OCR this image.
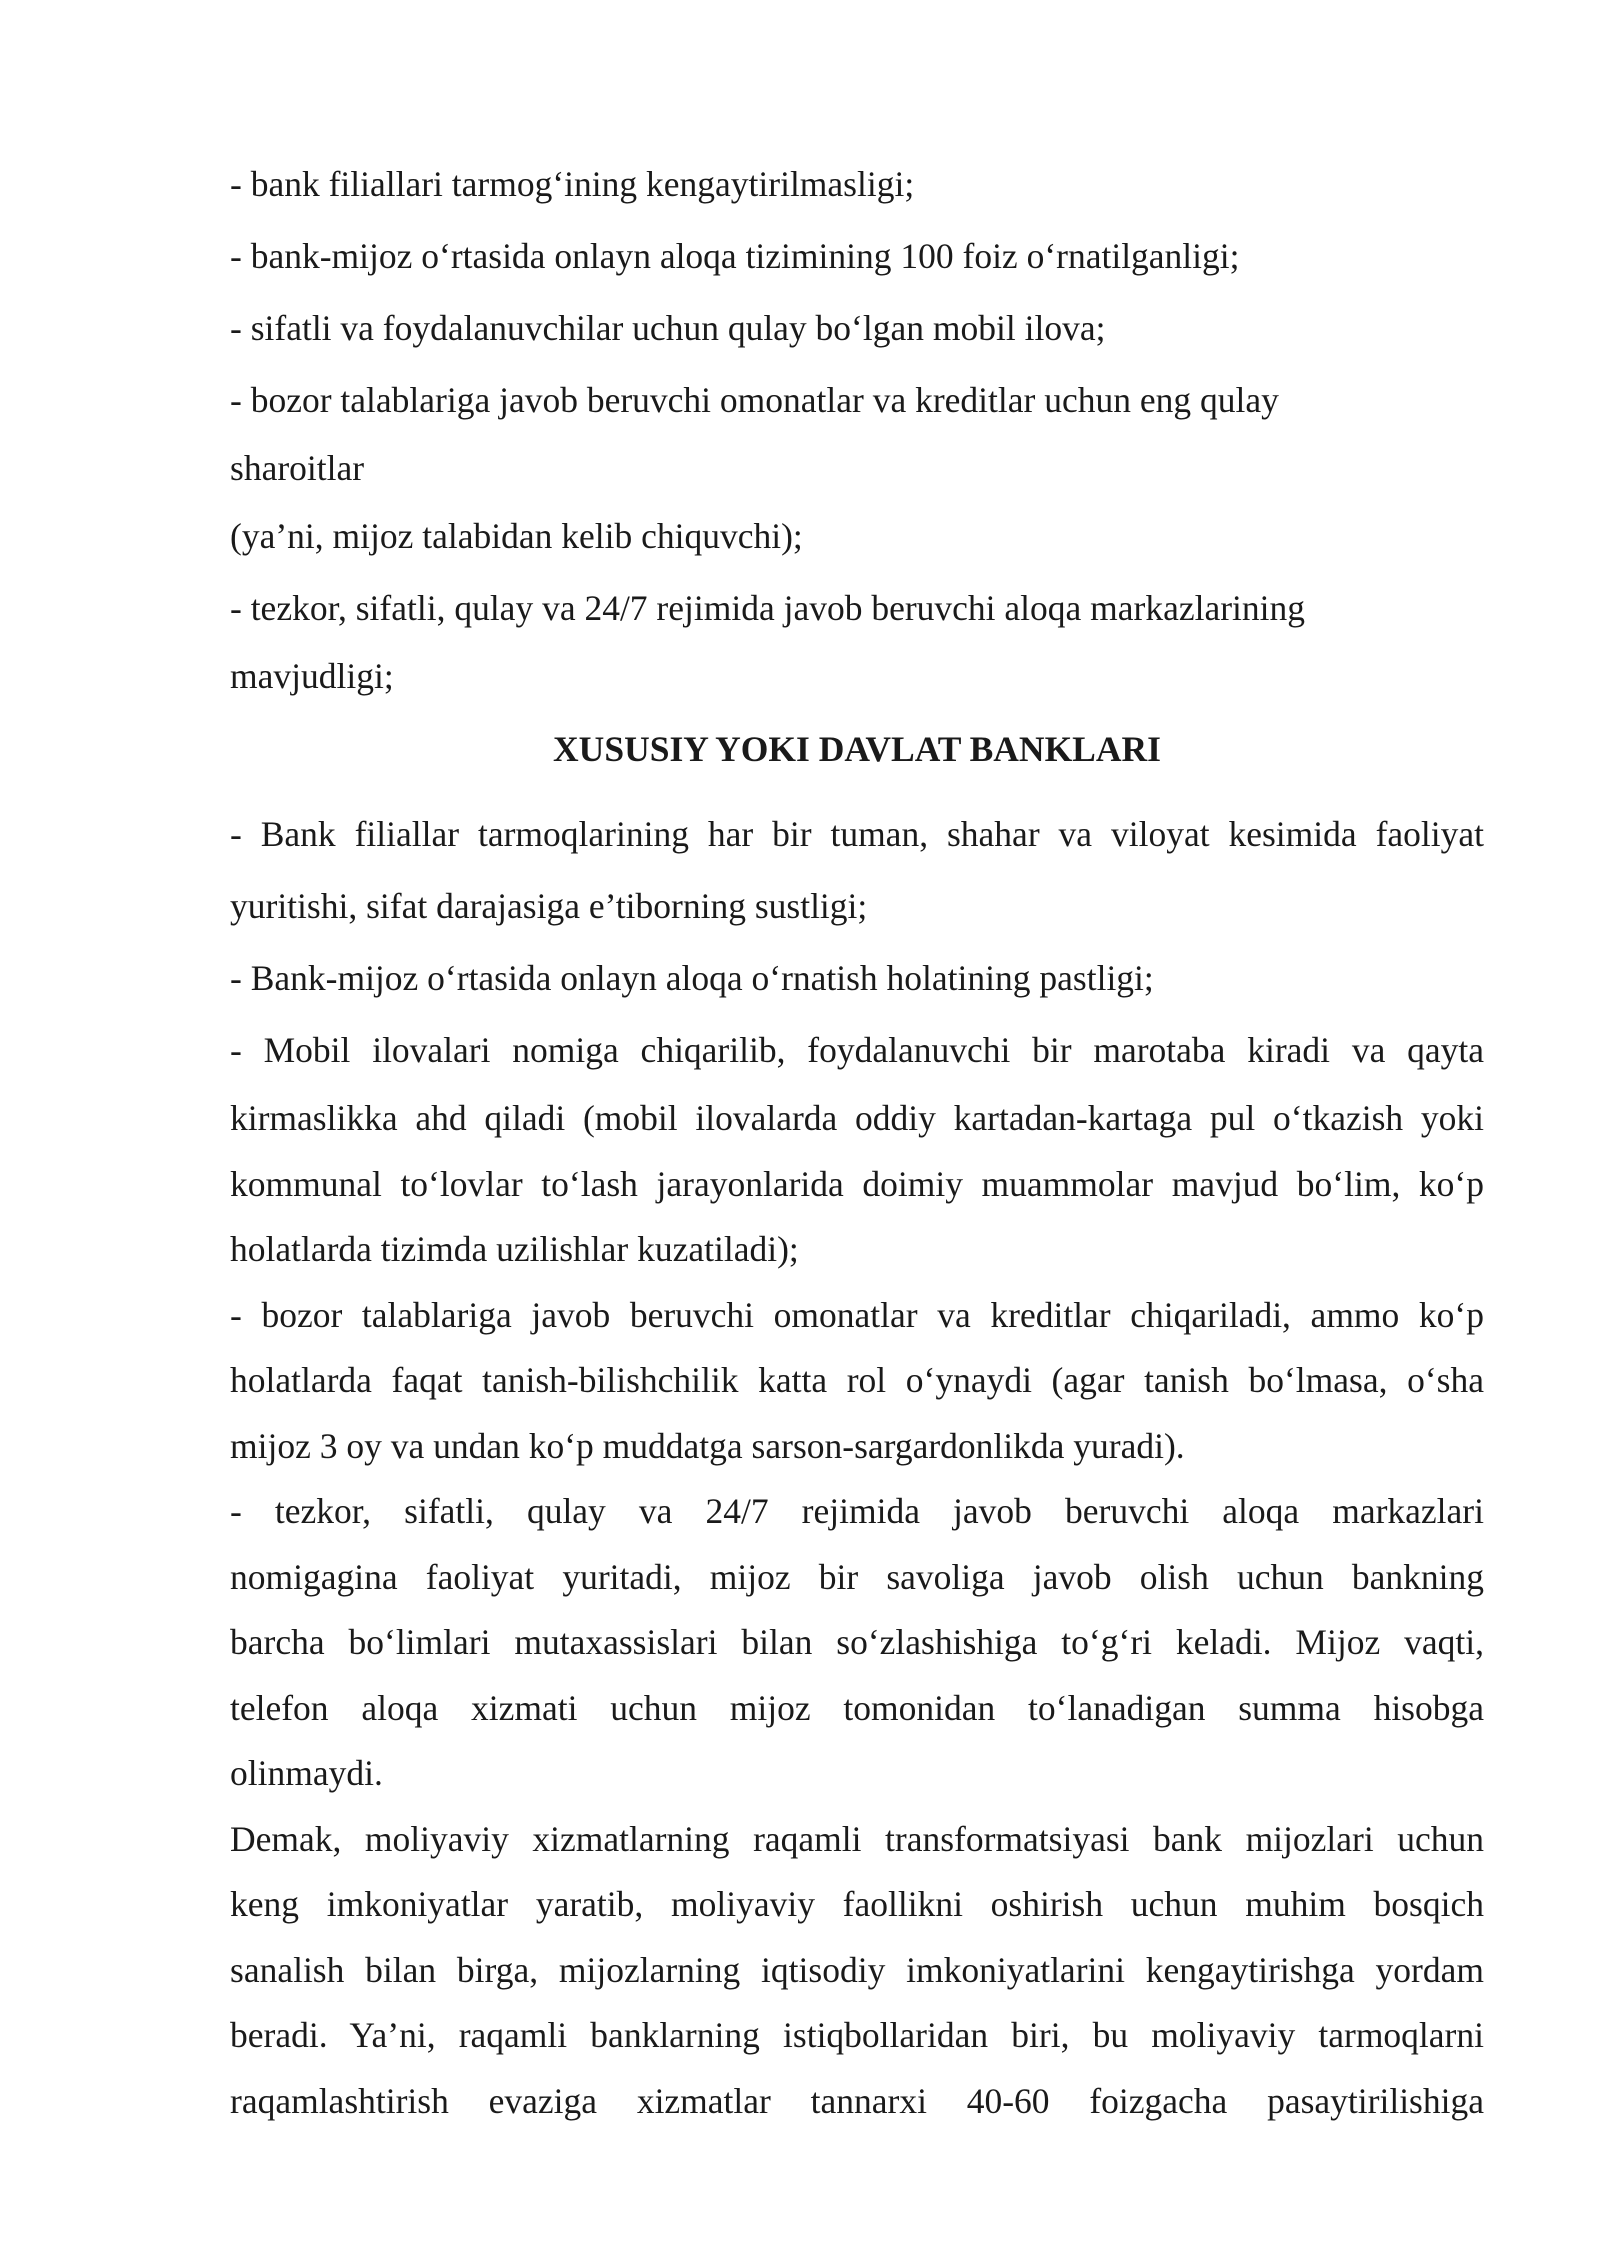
- bank filiallari tarmog‘ining kengaytirilmasligi;
- bank-mijoz o‘rtasida onlayn aloqa tizimining 100 foiz o‘rnatilganligi;
- sifatli va foydalanuvchilar uchun qulay bo‘lgan mobil ilova;
- bozor talablariga javob beruvchi omonatlar va kreditlar uchun eng qulay
sharoitlar
(ya’ni, mijoz talabidan kelib chiquvchi);
- tezkor, sifatli, qulay va 24/7 rejimida javob beruvchi aloqa markazlarining
mavjudligi;
XUSUSIY YOKI DAVLAT BANKLARI
- Bank filiallar tarmoqlarining har bir tuman, shahar va viloyat kesimida faoliyat
yuritishi, sifat darajasiga e’tiborning sustligi;
- Bank-mijoz o‘rtasida onlayn aloqa o‘rnatish holatining pastligi;
- Mobil ilovalari nomiga chiqarilib, foydalanuvchi bir marotaba kiradi va qayta
kirmaslikka ahd qiladi (mobil ilovalarda oddiy kartadan-kartaga pul o‘tkazish yoki
kommunal to‘lovlar to‘lash jarayonlarida doimiy muammolar mavjud bo‘lim, ko‘p
holatlarda tizimda uzilishlar kuzatiladi);
- bozor talablariga javob beruvchi omonatlar va kreditlar chiqariladi, ammo ko‘p
holatlarda faqat tanish-bilishchilik katta rol o‘ynaydi (agar tanish bo‘lmasa, o‘sha
mijoz 3 oy va undan ko‘p muddatga sarson-sargardonlikda yuradi).
- tezkor, sifatli, qulay va 24/7 rejimida javob beruvchi aloqa markazlari
nomigagina faoliyat yuritadi, mijoz bir savoliga javob olish uchun bankning
barcha bo‘limlari mutaxassislari bilan so‘zlashishiga to‘g‘ri keladi. Mijoz vaqti,
telefon aloqa xizmati uchun mijoz tomonidan to‘lanadigan summa hisobga
olinmaydi.
Demak, moliyaviy xizmatlarning raqamli transformatsiyasi bank mijozlari uchun
keng imkoniyatlar yaratib, moliyaviy faollikni oshirish uchun muhim bosqich
sanalish bilan birga, mijozlarning iqtisodiy imkoniyatlarini kengaytirishga yordam
beradi. Ya’ni, raqamli banklarning istiqbollaridan biri, bu moliyaviy tarmoqlarni
raqamlashtirish evaziga xizmatlar tannarxi 40-60 foizgacha pasaytirilishiga
